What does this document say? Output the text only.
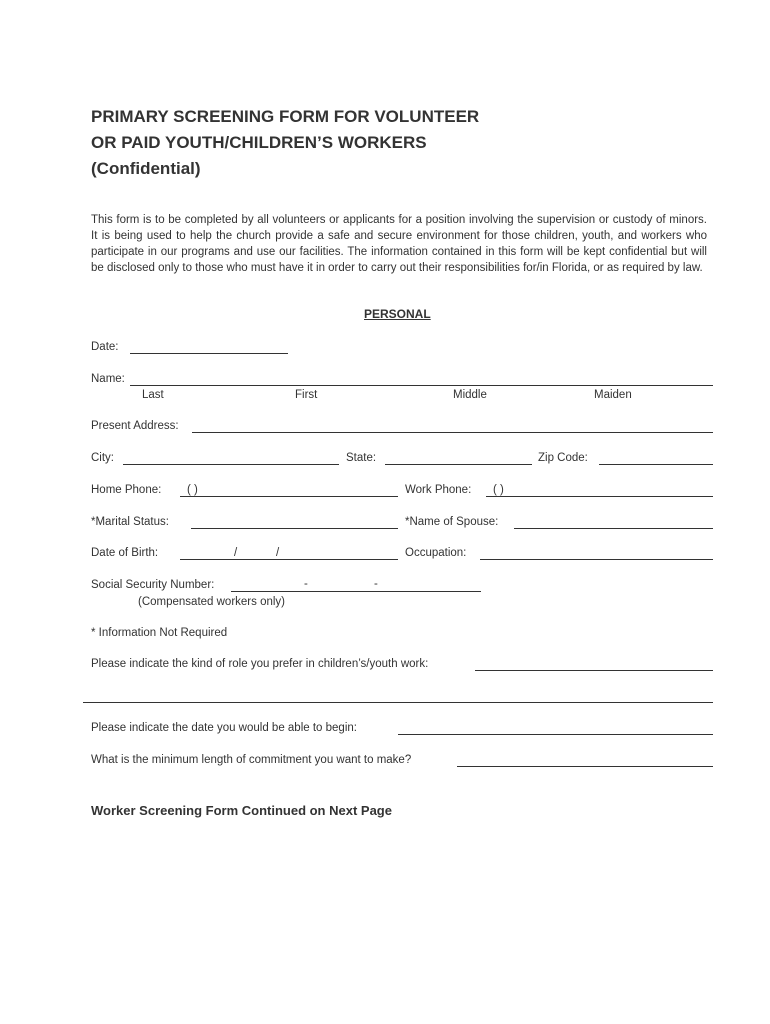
PRIMARY SCREENING FORM FOR VOLUNTEER
OR PAID YOUTH/CHILDREN’S WORKERS
(Confidential)
This form is to be completed by all volunteers or applicants for a position involving the supervision or custody of minors. It is being used to help the church provide a safe and secure environment for those children, youth, and workers who participate in our programs and use our facilities. The information contained in this form will be kept confidential but will be disclosed only to those who must have it in order to carry out their responsibilities for/in Florida, or as required by law.
PERSONAL
Date:
Name:
Last	First	Middle	Maiden
Present Address:
City:	State:	Zip Code:
Home Phone: ( )	Work Phone: ( )
*Marital Status:	*Name of Spouse:
Date of Birth:	/	/	Occupation:
Social Security Number:	-	-
(Compensated workers only)
* Information Not Required
Please indicate the kind of role you prefer in children’s/youth work:
Please indicate the date you would be able to begin:
What is the minimum length of commitment you want to make?
Worker Screening Form Continued on Next Page
